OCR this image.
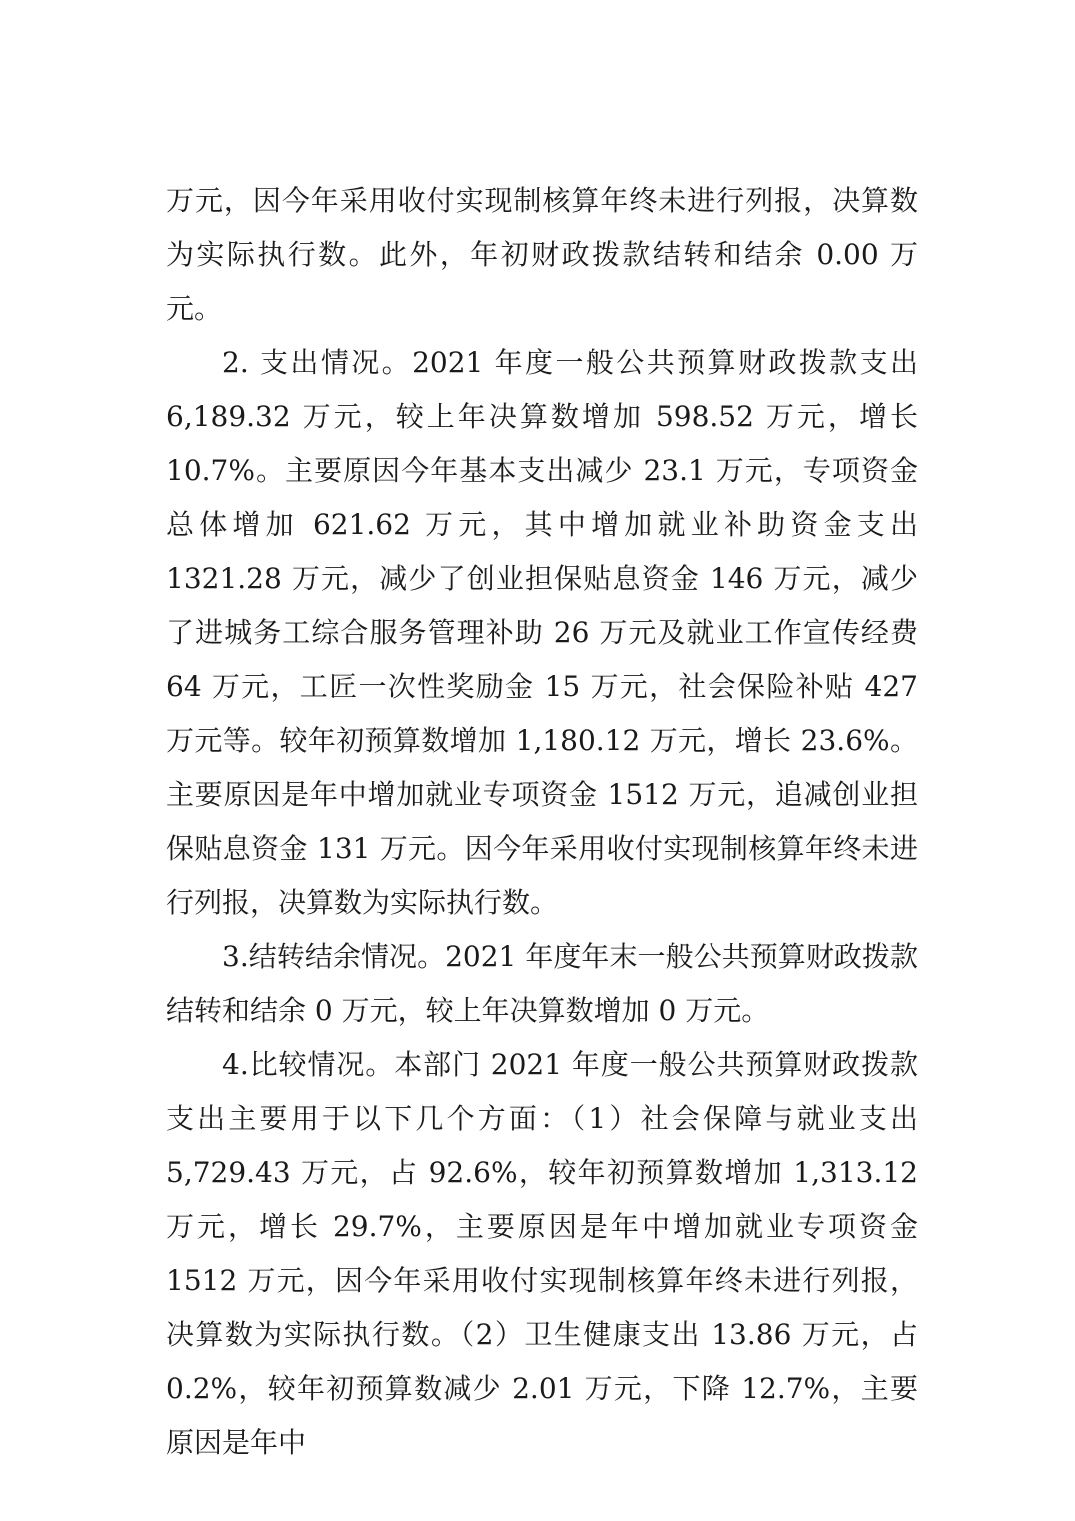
万元，因今年采用收付实现制核算年终未进行列报，决算数为实际执行数。此外，年初财政拨款结转和结余 0.00 万元。

2. 支出情况。2021 年度一般公共预算财政拨款支出 6,189.32 万元，较上年决算数增加 598.52 万元，增长 10.7%。主要原因今年基本支出减少 23.1 万元，专项资金总体增加 621.62 万元，其中增加就业补助资金支出 1321.28 万元，减少了创业担保贴息资金 146 万元，减少了进城务工综合服务管理补助 26 万元及就业工作宣传经费 64 万元，工匠一次性奖励金 15 万元，社会保险补贴 427 万元等。较年初预算数增加 1,180.12 万元，增长 23.6%。主要原因是年中增加就业专项资金 1512 万元，追减创业担保贴息资金 131 万元。因今年采用收付实现制核算年终未进行列报，决算数为实际执行数。

3.结转结余情况。2021 年度年末一般公共预算财政拨款结转和结余 0 万元，较上年决算数增加 0 万元。

4.比较情况。本部门 2021 年度一般公共预算财政拨款支出主要用于以下几个方面：（1）社会保障与就业支出 5,729.43 万元，占 92.6%，较年初预算数增加 1,313.12 万元，增长 29.7%，主要原因是年中增加就业专项资金 1512 万元，因今年采用收付实现制核算年终未进行列报，决算数为实际执行数。（2）卫生健康支出 13.86 万元，占 0.2%，较年初预算数减少 2.01 万元，下降 12.7%，主要原因是年中
